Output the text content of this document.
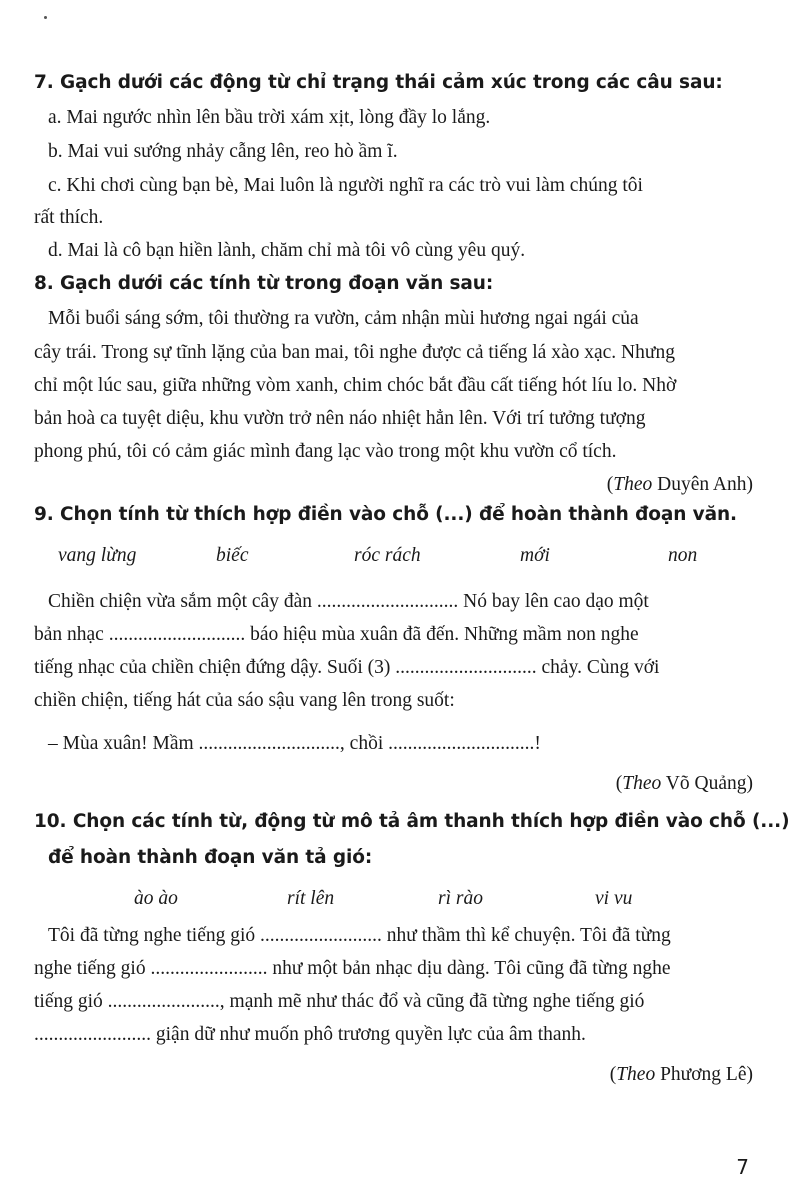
7. Gạch dưới các động từ chỉ trạng thái cảm xúc trong các câu sau:
a. Mai ngước nhìn lên bầu trời xám xịt, lòng đầy lo lắng.
b. Mai vui sướng nhảy cẫng lên, reo hò ầm ĩ.
c. Khi chơi cùng bạn bè, Mai luôn là người nghĩ ra các trò vui làm chúng tôi
rất thích.
d. Mai là cô bạn hiền lành, chăm chỉ mà tôi vô cùng yêu quý.
8. Gạch dưới các tính từ trong đoạn văn sau:
Mỗi buổi sáng sớm, tôi thường ra vườn, cảm nhận mùi hương ngai ngái của
cây trái. Trong sự tĩnh lặng của ban mai, tôi nghe được cả tiếng lá xào xạc. Nhưng
chỉ một lúc sau, giữa những vòm xanh, chim chóc bắt đầu cất tiếng hót líu lo. Nhờ
bản hoà ca tuyệt diệu, khu vườn trở nên náo nhiệt hẳn lên. Với trí tưởng tượng
phong phú, tôi có cảm giác mình đang lạc vào trong một khu vườn cổ tích.
(Theo Duyên Anh)
9. Chọn tính từ thích hợp điền vào chỗ (...) để hoàn thành đoạn văn.
vang lừng	biếc	róc rách	mới	non
Chiền chiện vừa sắm một cây đàn ............................. Nó bay lên cao dạo một
bản nhạc ............................ báo hiệu mùa xuân đã đến. Những mầm non nghe
tiếng nhạc của chiền chiện đứng dậy. Suối (3) ............................. chảy. Cùng với
chiền chiện, tiếng hát của sáo sậu vang lên trong suốt:
– Mùa xuân! Mầm ............................., chồi ..............................!
(Theo Võ Quảng)
10. Chọn các tính từ, động từ mô tả âm thanh thích hợp điền vào chỗ (...)
để hoàn thành đoạn văn tả gió:
ào ào	rít lên	rì rào	vi vu
Tôi đã từng nghe tiếng gió ......................... như thầm thì kể chuyện. Tôi đã từng
nghe tiếng gió ........................ như một bản nhạc dịu dàng. Tôi cũng đã từng nghe
tiếng gió ......................., mạnh mẽ như thác đổ và cũng đã từng nghe tiếng gió
........................ giận dữ như muốn phô trương quyền lực của âm thanh.
(Theo Phương Lê)
7
